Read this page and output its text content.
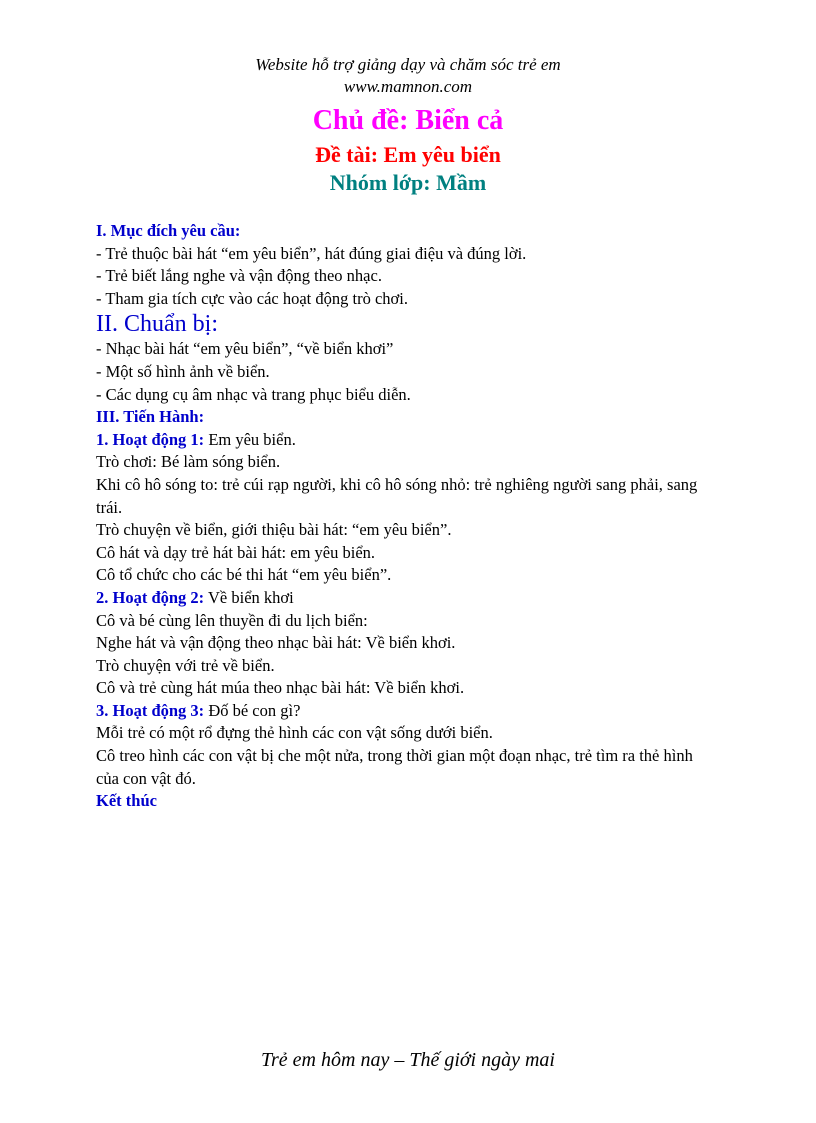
Website hỗ trợ giảng dạy và chăm sóc trẻ em
www.mamnon.com
Chủ đề: Biển cả
Đề tài: Em yêu biển
Nhóm lớp: Mầm

I. Mục đích yêu cầu:

- Trẻ thuộc bài hát “em yêu biển”, hát đúng giai điệu và đúng lời.

- Trẻ biết lắng nghe và vận động theo nhạc.

- Tham gia tích cực vào các hoạt động trò chơi.

II. Chuẩn bị:

- Nhạc bài hát “em yêu biển”, “về biển khơi”

- Một số hình ảnh về biển.

- Các dụng cụ âm nhạc và trang phục biểu diễn.

III. Tiến Hành:

1. Hoạt động 1: Em yêu biển.

Trò chơi: Bé làm sóng biển.

Khi cô hô sóng to: trẻ cúi rạp người, khi cô hô sóng nhỏ: trẻ nghiêng người sang phải, sang trái.

Trò chuyện về biển, giới thiệu bài hát: “em yêu biển”.

Cô hát và dạy trẻ hát bài hát: em yêu biển.

Cô tổ chức cho các bé thi hát “em yêu biển”.

2. Hoạt động 2: Về biển khơi

Cô và bé cùng lên thuyền đi du lịch biển:

Nghe hát và vận động theo nhạc bài hát: Về biển khơi.

Trò chuyện với trẻ về biển.

Cô và trẻ cùng hát múa theo nhạc bài hát: Về biển khơi.

3. Hoạt động 3: Đố bé con gì?

Mỗi trẻ có một rổ đựng thẻ hình các con vật sống dưới biển.

Cô treo hình các con vật bị che một nửa, trong thời gian một đoạn nhạc, trẻ tìm ra thẻ hình của con vật đó.

Kết thúc

Trẻ em hôm nay – Thế giới ngày mai
